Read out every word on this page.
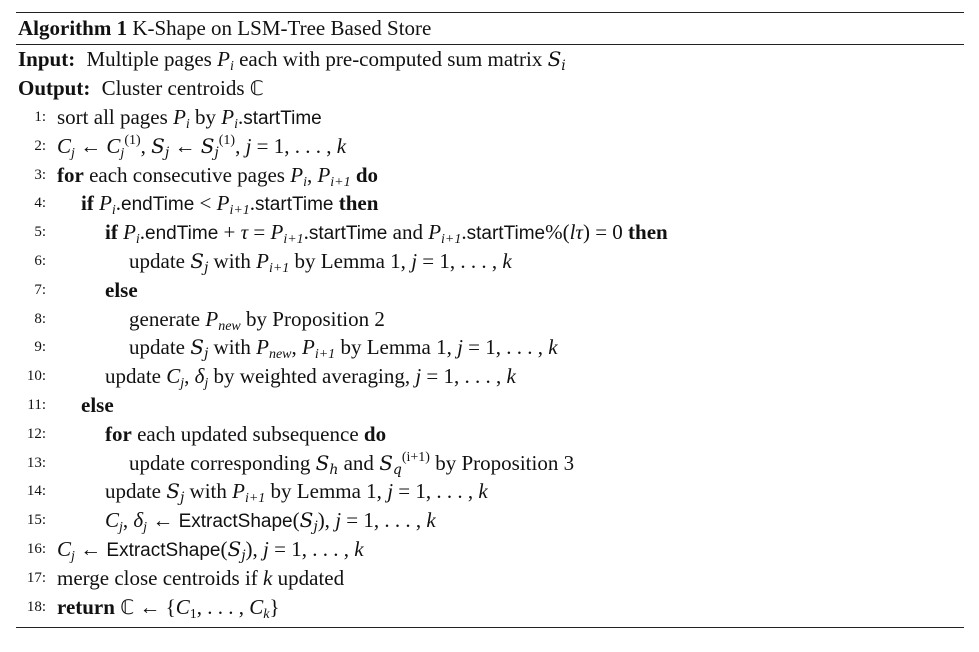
Algorithm 1 K-Shape on LSM-Tree Based Store
Input: Multiple pages $P_i$ each with pre-computed sum matrix $S_i$
Output: Cluster centroids ℂ
1: sort all pages $P_i$ by $P_i.startTime$
2: $C_j$ ← $C_j^{(1)}$, $S_j$ ← $S_j^{(1)}$, j = 1, . . . , k
3: for each consecutive pages $P_i$, $P_{i+1}$ do
4: if $P_i.endTime$ < $P_{i+1}.startTime$ then
5:	if $P_i.endTime + \tau$ = $P_{i+1}.startTime$ and $P_{i+1}.startTime\%(l\tau) = 0$ then
6:	update $S_j$ with $P_{i+1}$ by Lemma 1, j = 1, . . . , k
7:	else
8:	generate $P_{new}$ by Proposition 2
9:	update $S_j$ with $P_{new}$, $P_{i+1}$ by Lemma 1, j = 1, . . . , k
10:	update $C_j$, $\delta_j$ by weighted averaging, j = 1, . . . , k
11: else
12:	for each updated subsequence do
13:	update corresponding $S_h$ and $S_q^{(i+1)}$ by Proposition 3
14:	update $S_j$ with $P_{i+1}$ by Lemma 1, j = 1, . . . , k
15:	$C_j$, $\delta_j$ ← $ExtractShape(S_j)$, j = 1, . . . , k
16: $C_j$ ← $ExtractShape(S_j)$, j = 1, . . . , k
17: merge close centroids if k updated
18: return ℂ ← {$C_1$, . . . , $C_k$}
